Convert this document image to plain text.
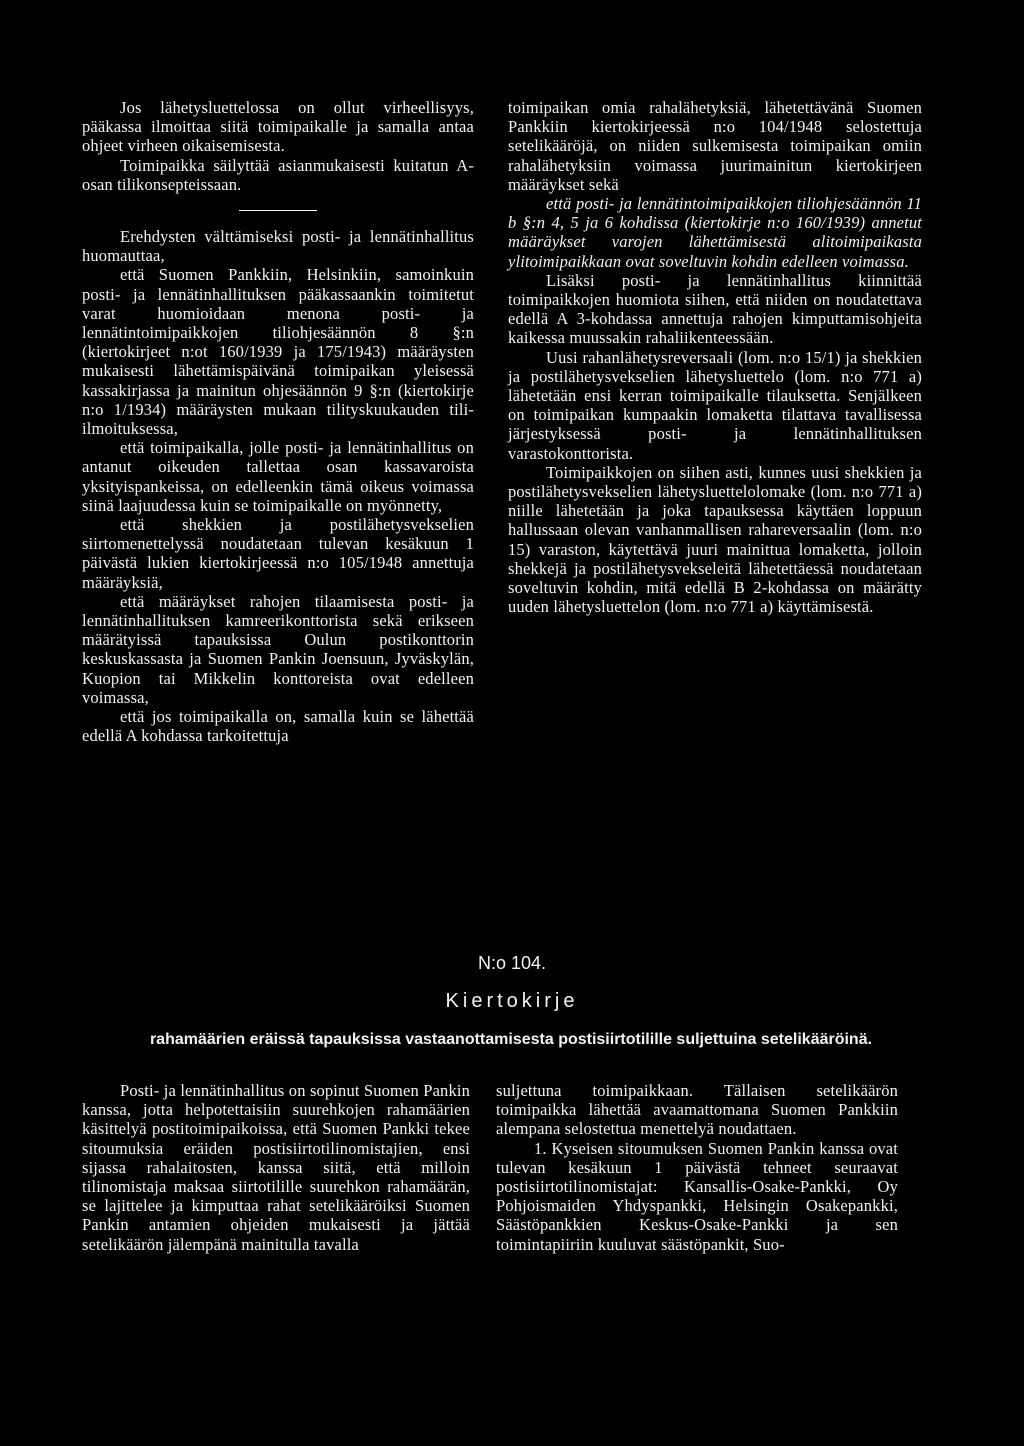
Jos lähetysluettelossa on ollut virheellisyys, pääkassa ilmoittaa siitä toimipaikalle ja samalla antaa ohjeet virheen oikaisemisesta.

Toimipaikka säilyttää asianmukaisesti kuitatun A-osan tilikonsepteissaan.

Erehdysten välttämiseksi posti- ja lennätinhallitus huomauttaa,

että Suomen Pankkiin, Helsinkiin, samoinkuin posti- ja lennätinhallituksen pääkassaankin toimitetut varat huomioidaan menona posti- ja lennätintoimipaikkojen tiliohjesäännön 8 §:n (kiertokirjeet n:ot 160/1939 ja 175/1943) määräysten mukaisesti lähettämispäivänä toimipaikan yleisessä kassakirjassa ja mainitun ohjesäännön 9 §:n (kiertokirje n:o 1/1934) määräysten mukaan tilityskuukauden tili-ilmoituksessa,

että toimipaikalla, jolle posti- ja lennätinhallitus on antanut oikeuden tallettaa osan kassavaroista yksityispankeissa, on edelleenkin tämä oikeus voimassa siinä laajuudessa kuin se toimipaikalle on myönnetty,

että shekkien ja postilähetysvekselien siirtomenettelyssä noudatetaan tulevan kesäkuun 1 päivästä lukien kiertokirjeessä n:o 105/1948 annettuja määräyksiä,

että määräykset rahojen tilaamisesta posti- ja lennätinhallituksen kamreerikonttorista sekä erikseen määrätyissä tapauksissa Oulun postikonttorin keskuskassasta ja Suomen Pankin Joensuun, Jyväskylän, Kuopion tai Mikkelin konttoreista ovat edelleen voimassa,

että jos toimipaikalla on, samalla kuin se lähettää edellä A kohdassa tarkoitettuja

toimipaikan omia rahalähetyksiä, lähetettävänä Suomen Pankkiin kiertokirjeessä n:o 104/1948 selostettuja setelikääröjä, on niiden sulkemisesta toimipaikan omiin rahalähetyksiin voimassa juurimainitun kiertokirjeen määräykset sekä

että posti- ja lennätintoimipaikkojen tiliohjesäännön 11 b §:n 4, 5 ja 6 kohdissa (kiertokirje n:o 160/1939) annetut määräykset varojen lähettämisestä alitoimipaikasta ylitoimipaikkaan ovat soveltuvin kohdin edelleen voimassa.

Lisäksi posti- ja lennätinhallitus kiinnittää toimipaikkojen huomiota siihen, että niiden on noudatettava edellä A 3-kohdassa annettuja rahojen kimputtamisohjeita kaikessa muussakin rahaliikenteessään.

Uusi rahanlähetysreversaali (lom. n:o 15/1) ja shekkien ja postilähetysvekselien lähetysluettelo (lom. n:o 771 a) lähetetään ensi kerran toimipaikalle tilauksetta. Senjälkeen on toimipaikan kumpaakin lomaketta tilattava tavallisessa järjestyksessä posti- ja lennätinhallituksen varastokonttorista.

Toimipaikkojen on siihen asti, kunnes uusi shekkien ja postilähetysvekselien lähetysluettelolomake (lom. n:o 771 a) niille lähetetään ja joka tapauksessa käyttäen loppuun hallussaan olevan vanhanmallisen rahareversaalin (lom. n:o 15) varaston, käytettävä juuri mainittua lomaketta, jolloin shekkejä ja postilähetysvekseleitä lähetettäessä noudatetaan soveltuvin kohdin, mitä edellä B 2-kohdassa on määrätty uuden lähetysluettelon (lom. n:o 771 a) käyttämisestä.

N:o 104.
Kiertokirje
rahamäärien eräissä tapauksissa vastaanottamisesta postisiirtotilille suljettuina setelikääröinä.

Posti- ja lennätinhallitus on sopinut Suomen Pankin kanssa, jotta helpotettaisiin suurehkojen rahamäärien käsittelyä postitoimipaikoissa, että Suomen Pankki tekee sitoumuksia eräiden postisiirtotilinomistajien, ensi sijassa rahalaitosten, kanssa siitä, että milloin tilinomistaja maksaa siirtotilille suurehkon rahamäärän, se lajittelee ja kimputtaa rahat setelikääröiksi Suomen Pankin antamien ohjeiden mukaisesti ja jättää setelikäärön jälempänä mainitulla tavalla

suljettuna toimipaikkaan. Tällaisen setelikäärön toimipaikka lähettää avaamattomana Suomen Pankkiin alempana selostettua menettelyä noudattaen.

1. Kyseisen sitoumuksen Suomen Pankin kanssa ovat tulevan kesäkuun 1 päivästä tehneet seuraavat postisiirtotilinomistajat: Kansallis-Osake-Pankki, Oy Pohjoismaiden Yhdyspankki, Helsingin Osakepankki, Säästöpankkien Keskus-Osake-Pankki ja sen toimintapiiriin kuuluvat säästöpankit, Suo-
